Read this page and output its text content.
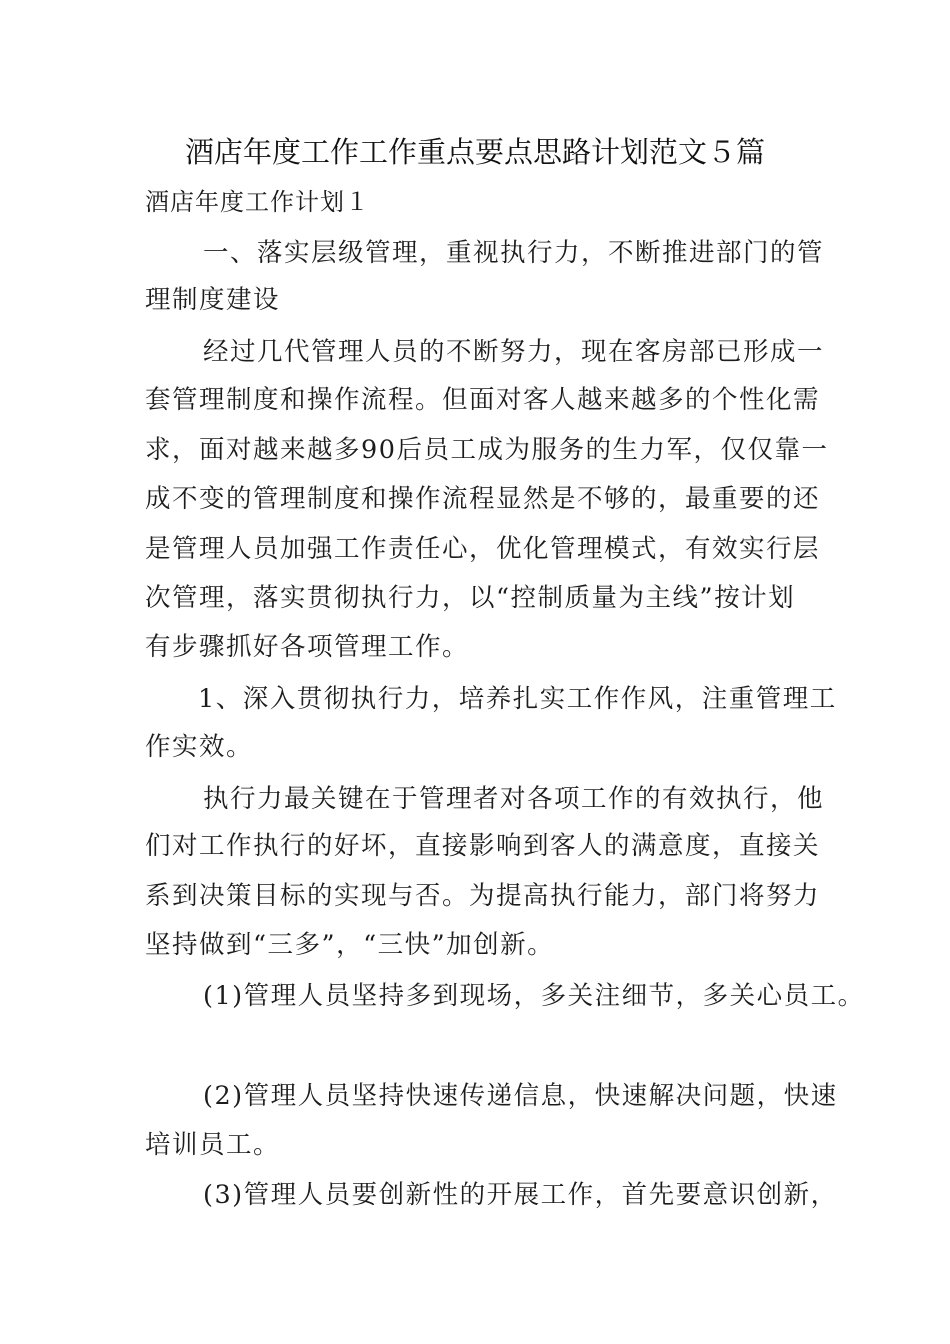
酒店年度工作工作重点要点思路计划范文５篇
酒店年度工作计划１
一、落实层级管理，重视执行力，不断推进部门的管
理制度建设
经过几代管理人员的不断努力，现在客房部已形成一
套管理制度和操作流程。但面对客人越来越多的个性化需
求，面对越来越多90后员工成为服务的生力军，仅仅靠一
成不变的管理制度和操作流程显然是不够的，最重要的还
是管理人员加强工作责任心，优化管理模式，有效实行层
次管理，落实贯彻执行力，以“控制质量为主线”按计划
有步骤抓好各项管理工作。
1、深入贯彻执行力，培养扎实工作作风，注重管理工
作实效。
执行力最关键在于管理者对各项工作的有效执行，他
们对工作执行的好坏，直接影响到客人的满意度，直接关
系到决策目标的实现与否。为提高执行能力，部门将努力
坚持做到“三多”，“三快”加创新。
(1)管理人员坚持多到现场，多关注细节，多关心员工。
(2)管理人员坚持快速传递信息，快速解决问题，快速
培训员工。
(3)管理人员要创新性的开展工作，首先要意识创新，
